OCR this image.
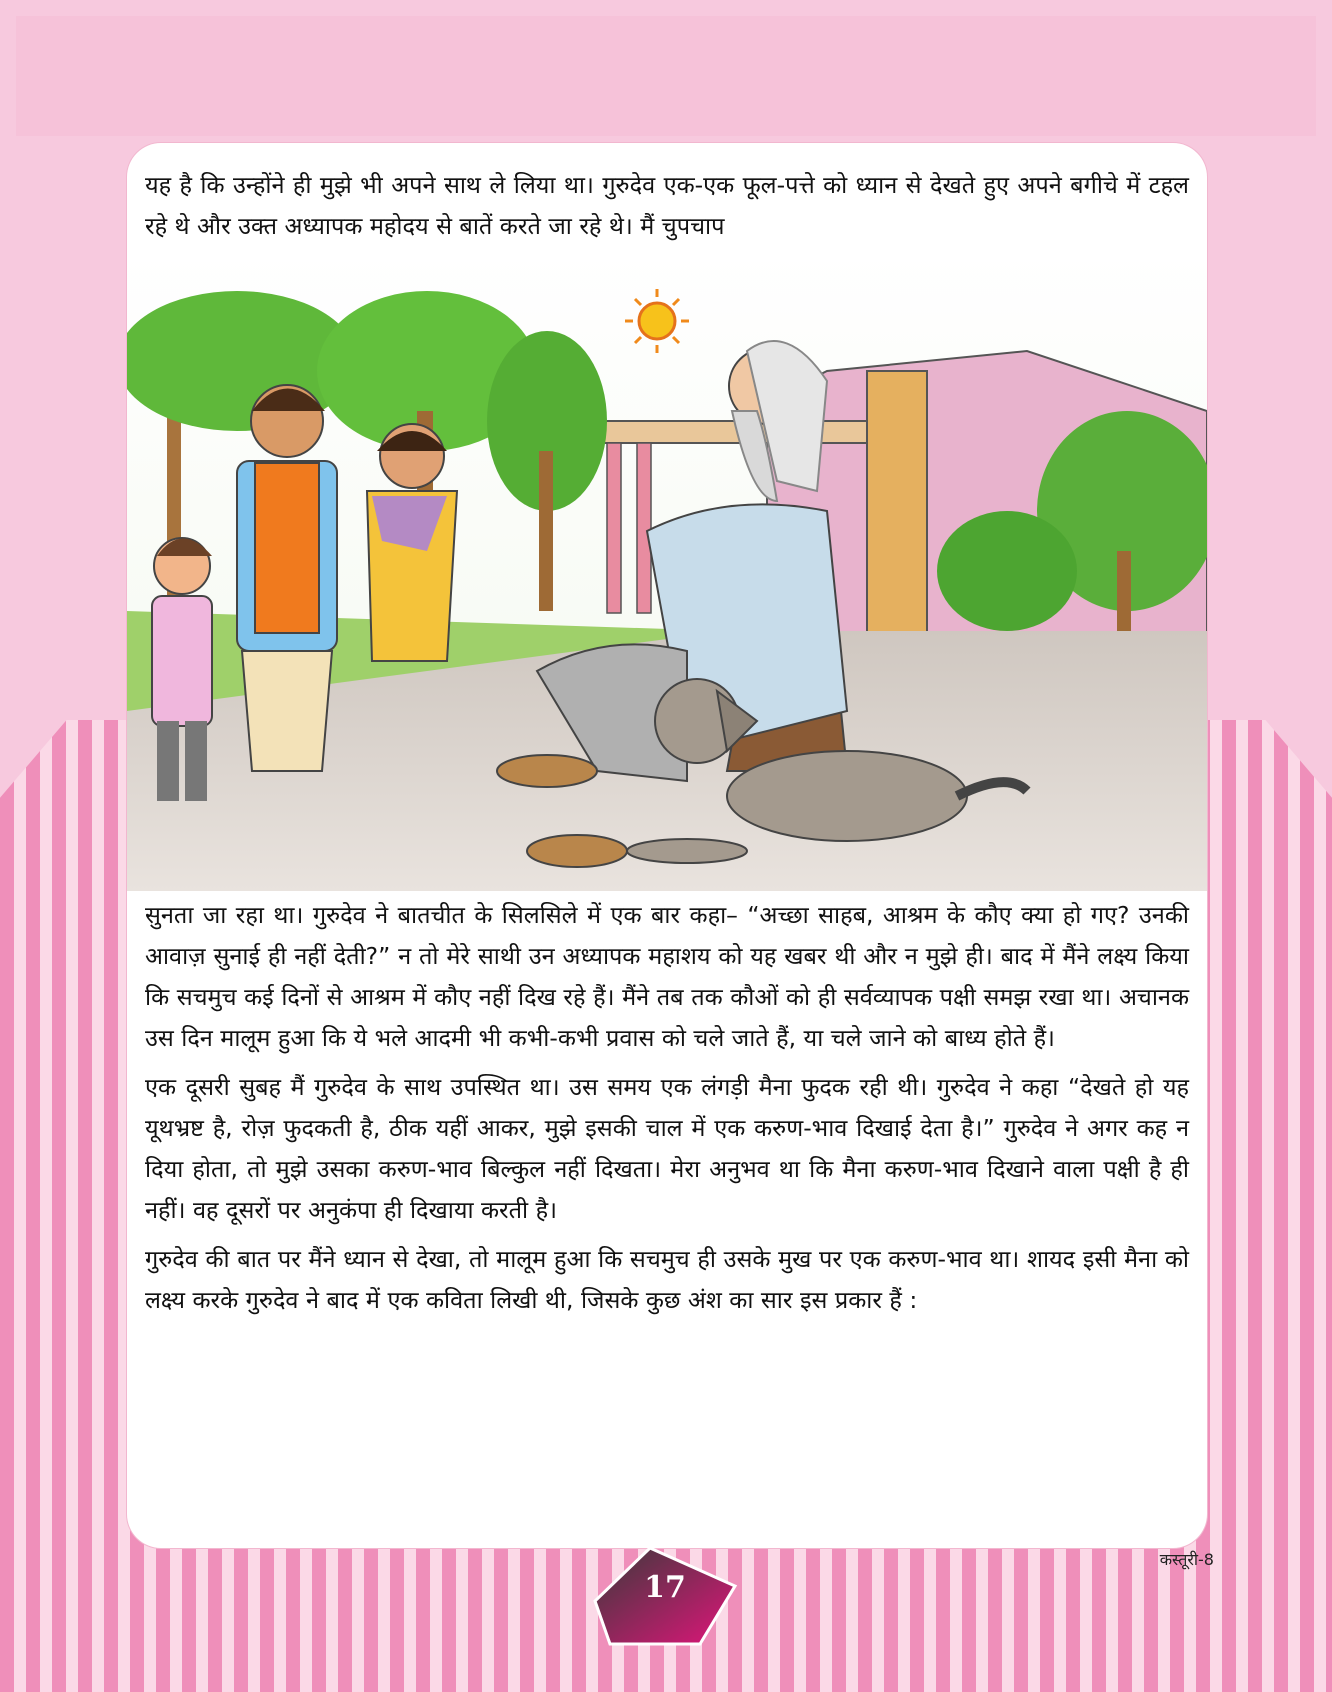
यह है कि उन्होंने ही मुझे भी अपने साथ ले लिया था। गुरुदेव एक-एक फूल-पत्ते को ध्यान से देखते हुए अपने बगीचे में टहल रहे थे और उक्त अध्यापक महोदय से बातें करते जा रहे थे। मैं चुपचाप

सुनता जा रहा था। गुरुदेव ने बातचीत के सिलसिले में एक बार कहा– “अच्छा साहब, आश्रम के कौए क्या हो गए? उनकी आवाज़ सुनाई ही नहीं देती?” न तो मेरे साथी उन अध्यापक महाशय को यह खबर थी और न मुझे ही। बाद में मैंने लक्ष्य किया कि सचमुच कई दिनों से आश्रम में कौए नहीं दिख रहे हैं। मैंने तब तक कौओं को ही सर्वव्यापक पक्षी समझ रखा था। अचानक उस दिन मालूम हुआ कि ये भले आदमी भी कभी-कभी प्रवास को चले जाते हैं, या चले जाने को बाध्य होते हैं।

एक दूसरी सुबह मैं गुरुदेव के साथ उपस्थित था। उस समय एक लंगड़ी मैना फुदक रही थी। गुरुदेव ने कहा “देखते हो यह यूथभ्रष्ट है, रोज़ फुदकती है, ठीक यहीं आकर, मुझे इसकी चाल में एक करुण-भाव दिखाई देता है।” गुरुदेव ने अगर कह न दिया होता, तो मुझे उसका करुण-भाव बिल्कुल नहीं दिखता। मेरा अनुभव था कि मैना करुण-भाव दिखाने वाला पक्षी है ही नहीं। वह दूसरों पर अनुकंपा ही दिखाया करती है।

गुरुदेव की बात पर मैंने ध्यान से देखा, तो मालूम हुआ कि सचमुच ही उसके मुख पर एक करुण-भाव था। शायद इसी मैना को लक्ष्य करके गुरुदेव ने बाद में एक कविता लिखी थी, जिसके कुछ अंश का सार इस प्रकार हैं :

कस्तूरी-8
17
